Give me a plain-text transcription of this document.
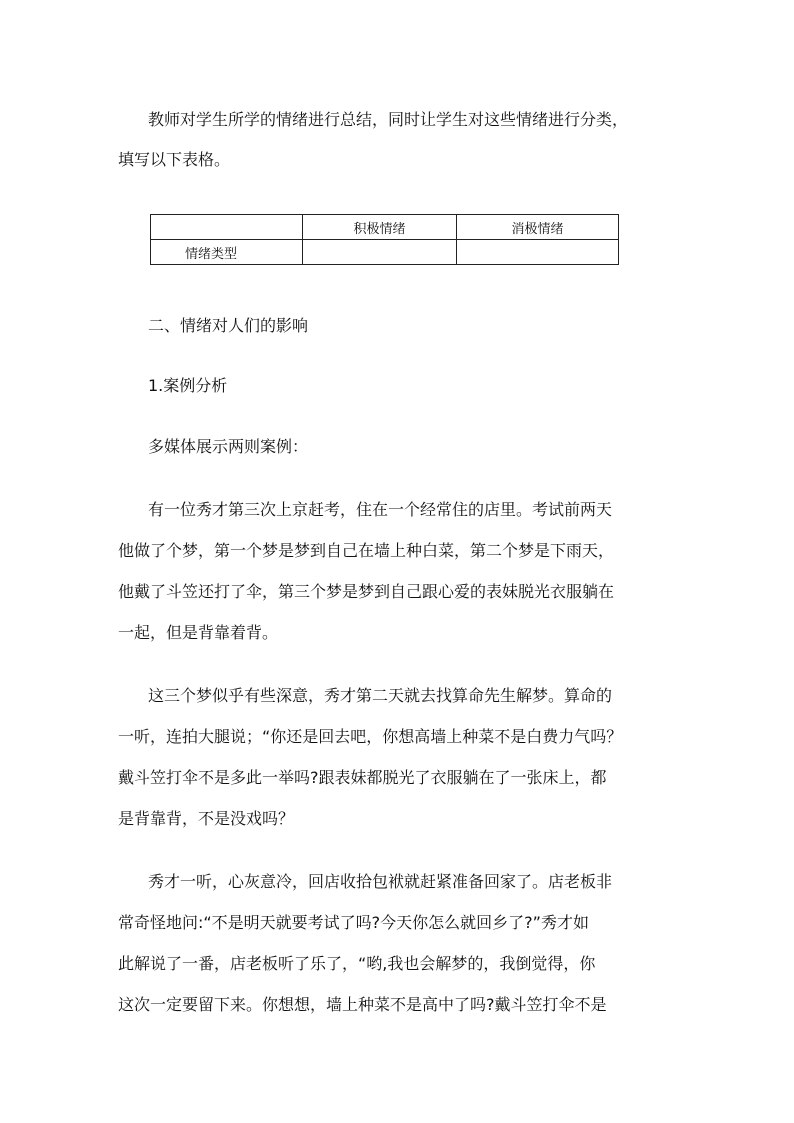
教师对学生所学的情绪进行总结，同时让学生对这些情绪进行分类，
填写以下表格。
	积极情绪	消极情绪
情绪类型		
二、情绪对人们的影响
1.案例分析
多媒体展示两则案例：
有一位秀才第三次上京赶考，住在一个经常住的店里。考试前两天
他做了个梦，第一个梦是梦到自己在墙上种白菜，第二个梦是下雨天，
他戴了斗笠还打了伞，第三个梦是梦到自己跟心爱的表妹脱光衣服躺在
一起，但是背靠着背。
这三个梦似乎有些深意，秀才第二天就去找算命先生解梦。算命的
一听，连拍大腿说；“你还是回去吧，你想高墙上种菜不是白费力气吗？
戴斗笠打伞不是多此一举吗?跟表妹都脱光了衣服躺在了一张床上，都
是背靠背，不是没戏吗？
秀才一听，心灰意冷，回店收拾包袱就赶紧准备回家了。店老板非
常奇怪地问:“不是明天就要考试了吗?今天你怎么就回乡了?”秀才如
此解说了一番，店老板听了乐了，“哟,我也会解梦的，我倒觉得，你
这次一定要留下来。你想想，墙上种菜不是高中了吗?戴斗笠打伞不是
